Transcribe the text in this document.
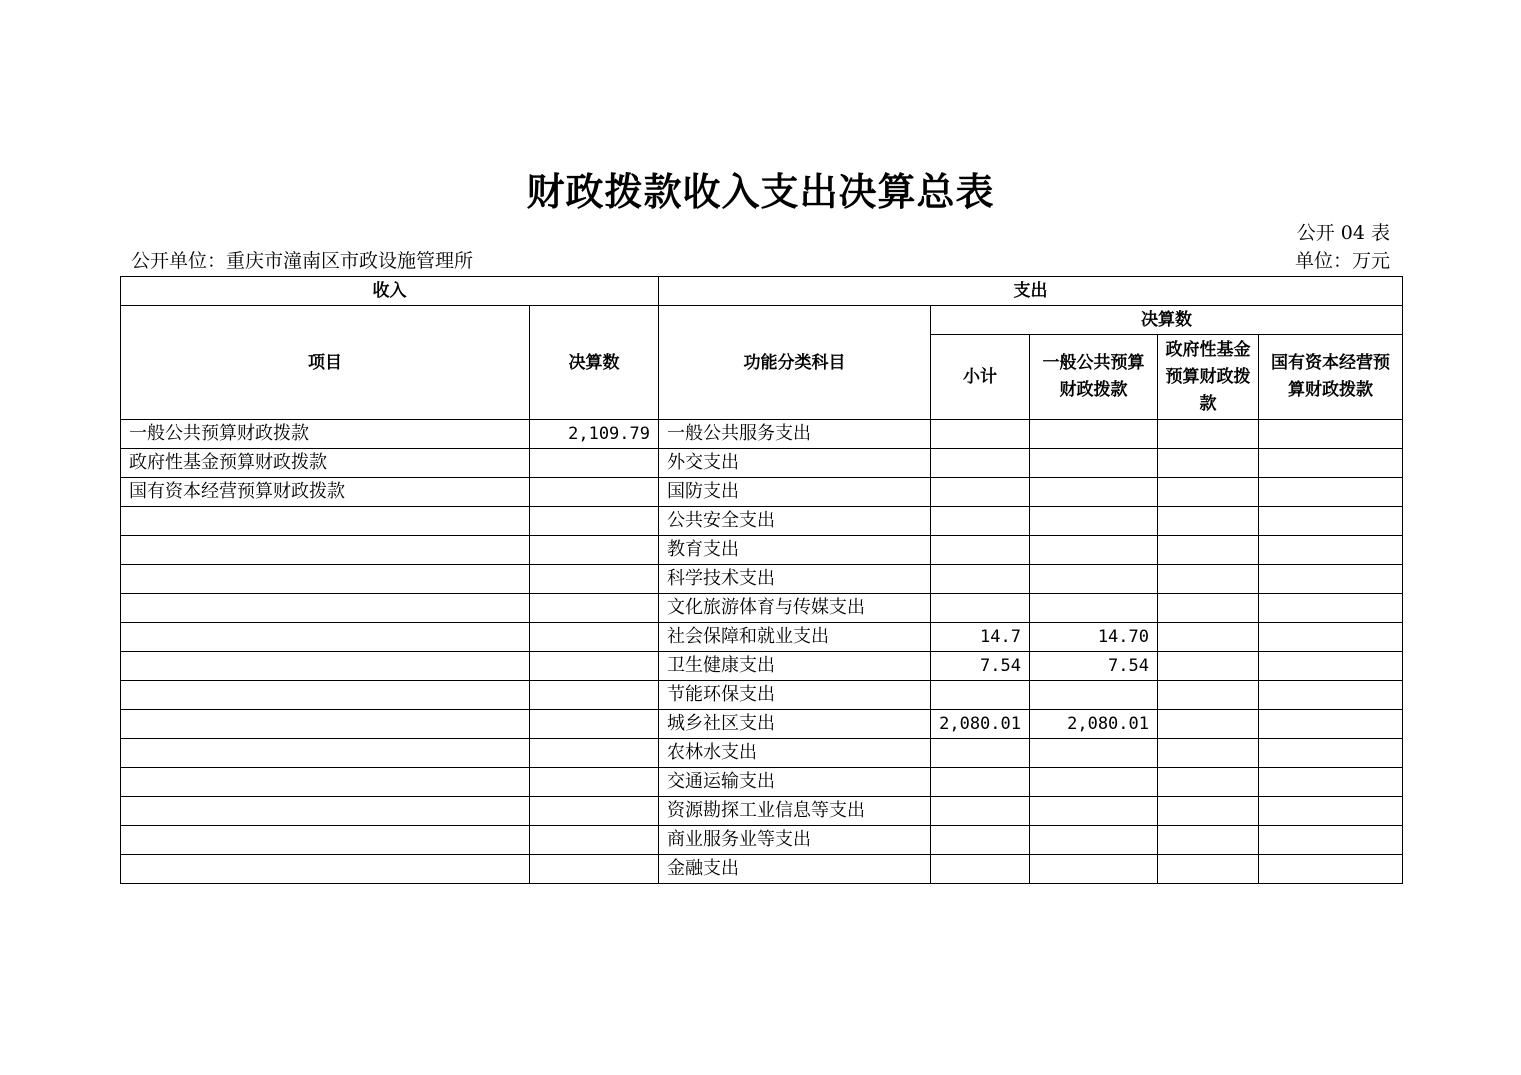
财政拨款收入支出决算总表
公开 04 表
公开单位：重庆市潼南区市政设施管理所	单位：万元
收入		支出				
项目	决算数	功能分类科目	决算数			
			小计	一般公共预算财政拨款	政府性基金预算财政拨款	国有资本经营预算财政拨款
一般公共预算财政拨款	2,109.79	一般公共服务支出				
政府性基金预算财政拨款		外交支出				
国有资本经营预算财政拨款		国防支出				
		公共安全支出				
		教育支出				
		科学技术支出				
		文化旅游体育与传媒支出				
		社会保障和就业支出	14.7	14.70		
		卫生健康支出	7.54	7.54		
		节能环保支出				
		城乡社区支出	2,080.01	2,080.01		
		农林水支出				
		交通运输支出				
		资源勘探工业信息等支出				
		商业服务业等支出				
		金融支出				
